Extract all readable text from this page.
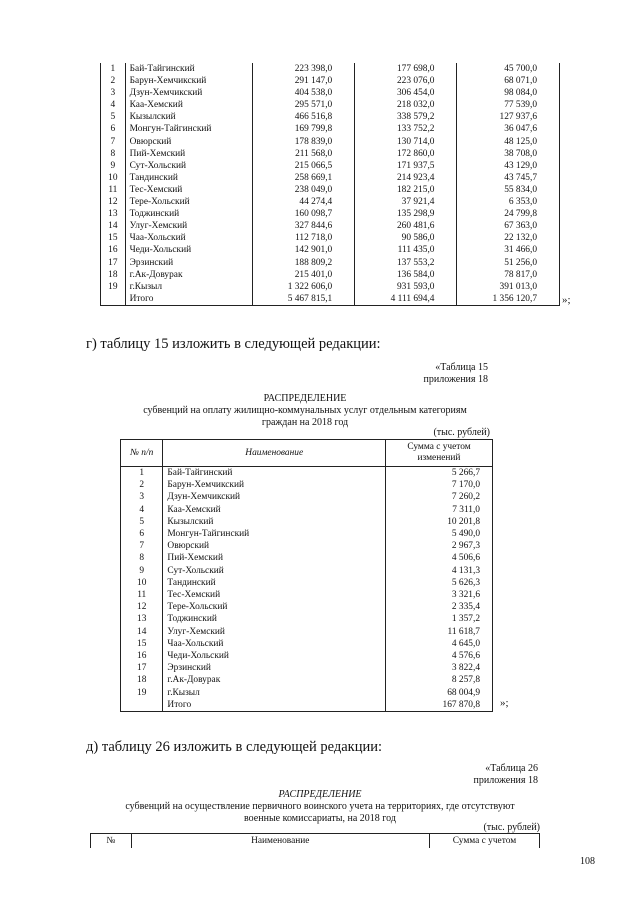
1	Бай-Тайгинский	223 398,0	177 698,0	45 700,0
2	Барун-Хемчикский	291 147,0	223 076,0	68 071,0
3	Дзун-Хемчикский	404 538,0	306 454,0	98 084,0
4	Каа-Хемский	295 571,0	218 032,0	77 539,0
5	Кызылский	466 516,8	338 579,2	127 937,6
6	Монгун-Тайгинский	169 799,8	133 752,2	36 047,6
7	Овюрский	178 839,0	130 714,0	48 125,0
8	Пий-Хемский	211 568,0	172 860,0	38 708,0
9	Сут-Хольский	215 066,5	171 937,5	43 129,0
10	Тандинский	258 669,1	214 923,4	43 745,7
11	Тес-Хемский	238 049,0	182 215,0	55 834,0
12	Тере-Хольский	44 274,4	37 921,4	6 353,0
13	Тоджинский	160 098,7	135 298,9	24 799,8
14	Улуг-Хемский	327 844,6	260 481,6	67 363,0
15	Чаа-Хольский	112 718,0	90 586,0	22 132,0
16	Чеди-Хольский	142 901,0	111 435,0	31 466,0
17	Эрзинский	188 809,2	137 553,2	51 256,0
18	г.Ак-Довурак	215 401,0	136 584,0	78 817,0
19	г.Кызыл	1 322 606,0	931 593,0	391 013,0
	Итого	5 467 815,1	4 111 694,4	1 356 120,7 »;
г) таблицу 15 изложить в следующей редакции:
«Таблица 15
приложения 18
РАСПРЕДЕЛЕНИЕ
субвенций на оплату жилищно-коммунальных услуг отдельным категориям
граждан на 2018 год
(тыс. рублей)
№ п/п	Наименование	Сумма с учетом изменений
1	Бай-Тайгинский	5 266,7
2	Барун-Хемчикский	7 170,0
3	Дзун-Хемчикский	7 260,2
4	Каа-Хемский	7 311,0
5	Кызылский	10 201,8
6	Монгун-Тайгинский	5 490,0
7	Овюрский	2 967,3
8	Пий-Хемский	4 506,6
9	Сут-Хольский	4 131,3
10	Тандинский	5 626,3
11	Тес-Хемский	3 321,6
12	Тере-Хольский	2 335,4
13	Тоджинский	1 357,2
14	Улуг-Хемский	11 618,7
15	Чаа-Хольский	4 645,0
16	Чеди-Хольский	4 576,6
17	Эрзинский	3 822,4
18	г.Ак-Довурак	8 257,8
19	г.Кызыл	68 004,9
	Итого	167 870,8 »;
д) таблицу 26 изложить в следующей редакции:
«Таблица 26
приложения 18
РАСПРЕДЕЛЕНИЕ
субвенций на осуществление первичного воинского учета на территориях, где отсутствуют
военные комиссариаты, на 2018 год
(тыс. рублей)
№	Наименование	Сумма с учетом
108
